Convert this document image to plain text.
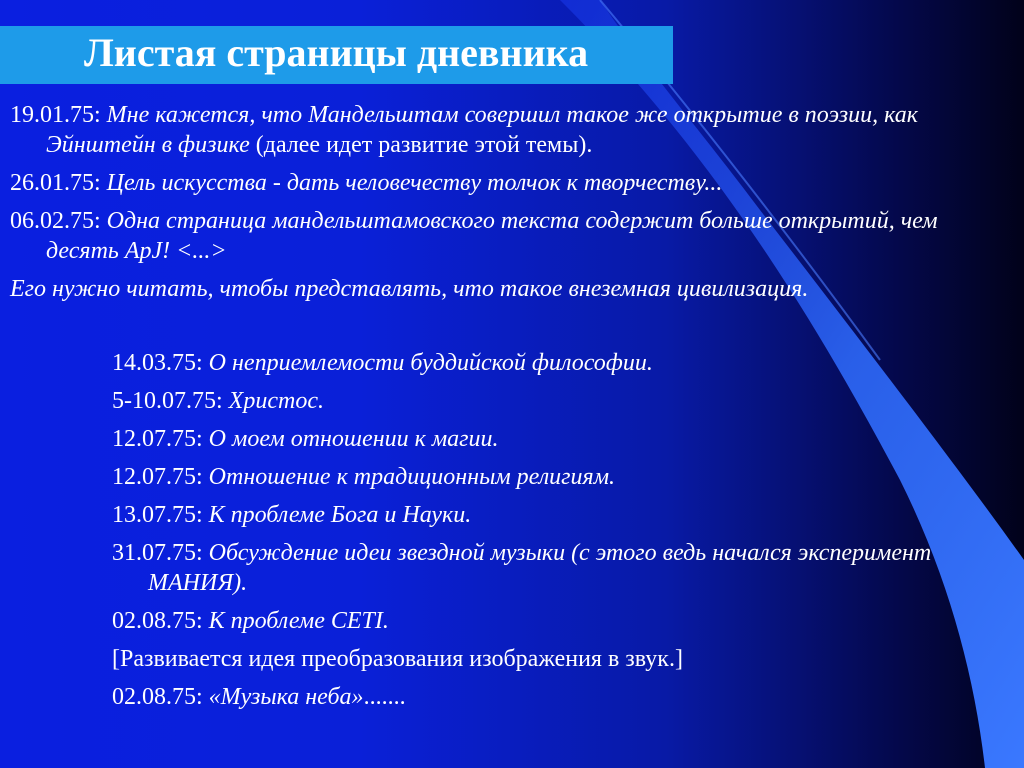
Листая страницы дневника
19.01.75: Мне кажется, что Мандельштам совершил такое же открытие в поэзии, как Эйнштейн в физике (далее идет развитие этой темы).
26.01.75: Цель искусства - дать человечеству толчок к творчеству...
06.02.75: Одна страница мандельштамовского текста содержит больше открытий, чем десять АрJ! <...>
Его нужно читать, чтобы представлять, что такое внеземная цивилизация.
14.03.75: О неприемлемости буддийской философии.
5-10.07.75: Христос.
12.07.75: О моем отношении к магии.
12.07.75: Отношение к традиционным религиям.
13.07.75: К проблеме Бога и Науки.
31.07.75: Обсуждение идеи звездной музыки (с этого ведь начался эксперимент МАНИЯ).
02.08.75: К проблеме СЕТI.
[Развивается идея преобразования изображения в звук.]
02.08.75: «Музыка неба».......
